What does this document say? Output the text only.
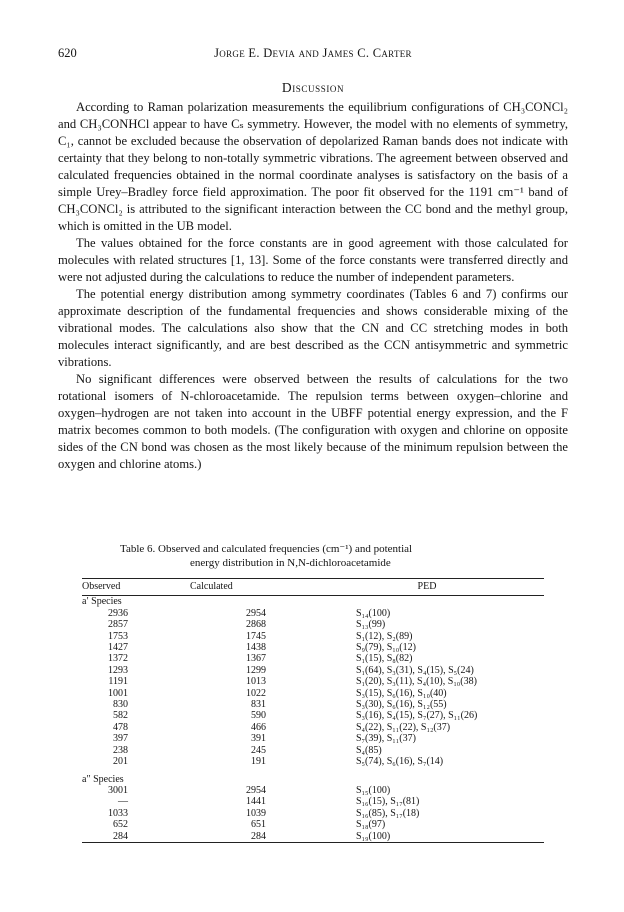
620	Jorge E. Devia and James C. Carter
Discussion

According to Raman polarization measurements the equilibrium configurations of CH₃CONCl₂ and CH₃CONHCl appear to have Cₛ symmetry. However, the model with no elements of symmetry, C₁, cannot be excluded because the observation of depolarized Raman bands does not indicate with certainty that they belong to non-totally symmetric vibrations. The agreement between observed and calculated frequencies obtained in the normal coordinate analyses is satisfactory on the basis of a simple Urey–Bradley force field approximation. The poor fit observed for the 1191 cm⁻¹ band of CH₃CONCl₂ is attributed to the significant interaction between the CC bond and the methyl group, which is omitted in the UB model.

The values obtained for the force constants are in good agreement with those calculated for molecules with related structures [1, 13]. Some of the force constants were transferred directly and were not adjusted during the calculations to reduce the number of independent parameters.

The potential energy distribution among symmetry coordinates (Tables 6 and 7) confirms our approximate description of the fundamental frequencies and shows considerable mixing of the vibrational modes. The calculations also show that the CN and CC stretching modes in both molecules interact significantly, and are best described as the CCN antisymmetric and symmetric vibrations.

No significant differences were observed between the results of calculations for the two rotational isomers of N-chloroacetamide. The repulsion terms between oxygen–chlorine and oxygen–hydrogen are not taken into account in the UBFF potential energy expression, and the F matrix becomes common to both models. (The configuration with oxygen and chlorine on opposite sides of the CN bond was chosen as the most likely because of the minimum repulsion between the oxygen and chlorine atoms.)

Table 6. Observed and calculated frequencies (cm⁻¹) and potential
energy distribution in N,N-dichloroacetamide
Observed	Calculated	PED
a′ Species		
2936	2954	S₁₄(100)
2857	2868	S₁₃(99)
1753	1745	S₁(12), S₂(89)
1427	1438	S₉(79), S₁₀(12)
1372	1367	S₁(15), S₈(82)
1293	1299	S₁(64), S₃(31), S₄(15), S₅(24)
1191	1013	S₁(20), S₃(11), S₄(10), S₁₀(38)
1001	1022	S₃(15), S₆(16), S₁₀(40)
830	831	S₃(30), S₆(16), S₁₂(55)
582	590	S₃(16), S₄(15), S₇(27), S₁₁(26)
478	466	S₄(22), S₁₁(22), S₁₂(37)
397	391	S₇(39), S₁₁(37)
238	245	S₄(85)
201	191	S₅(74), S₆(16), S₇(14)

a″ Species		
3001	2954	S₁₅(100)
—	1441	S₁₆(15), S₁₇(81)
1033	1039	S₁₆(85), S₁₇(18)
652	651	S₁₈(97)
284	284	S₁₉(100)
